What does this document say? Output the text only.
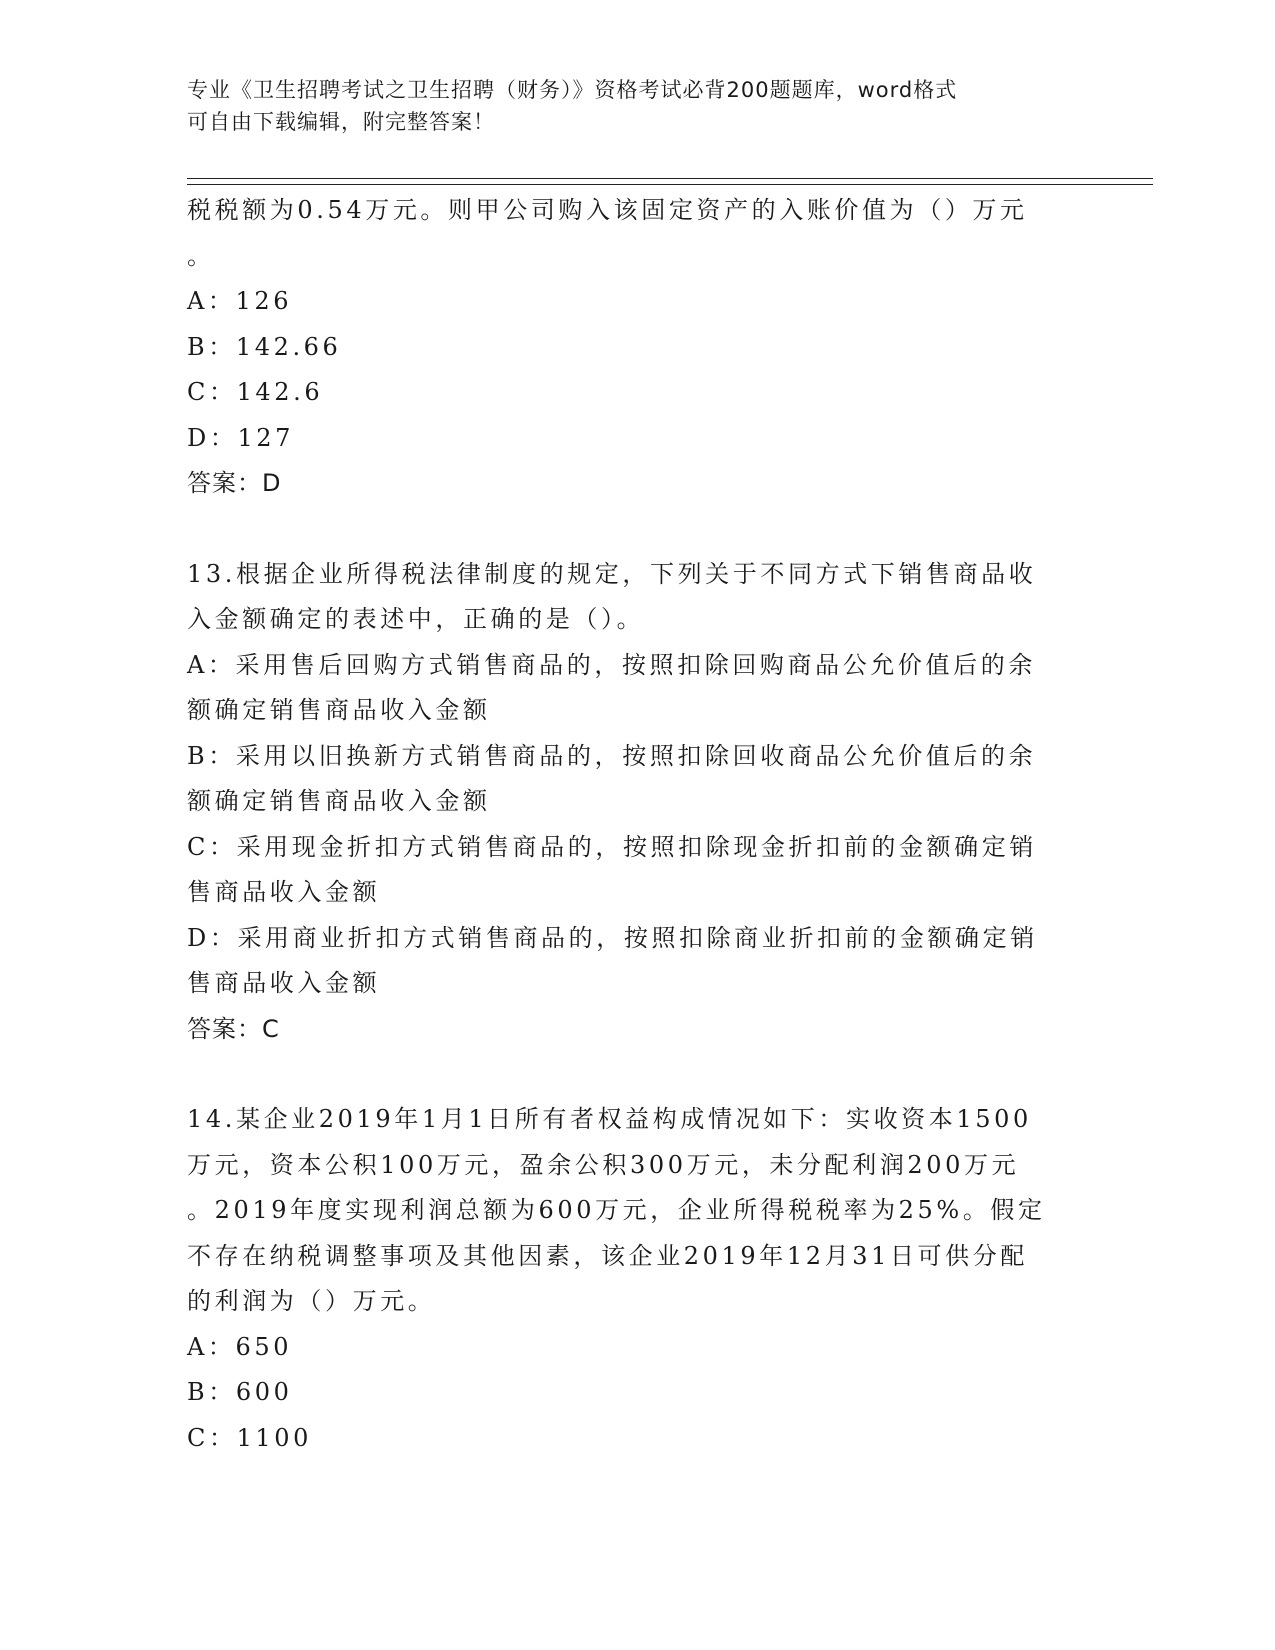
专业《卫生招聘考试之卫生招聘（财务）》资格考试必背200题题库，word格式
可自由下载编辑，附完整答案！

税税额为0.54万元。则甲公司购入该固定资产的入账价值为（）万元

。

A：126

B：142.66

C：142.6

D：127

答案：D

13.根据企业所得税法律制度的规定，下列关于不同方式下销售商品收

入金额确定的表述中，正确的是（）。

A：采用售后回购方式销售商品的，按照扣除回购商品公允价值后的余

额确定销售商品收入金额

B：采用以旧换新方式销售商品的，按照扣除回收商品公允价值后的余

额确定销售商品收入金额

C：采用现金折扣方式销售商品的，按照扣除现金折扣前的金额确定销

售商品收入金额

D：采用商业折扣方式销售商品的，按照扣除商业折扣前的金额确定销

售商品收入金额

答案：C

14.某企业2019年1月1日所有者权益构成情况如下：实收资本1500

万元，资本公积100万元，盈余公积300万元，未分配利润200万元

。2019年度实现利润总额为600万元，企业所得税税率为25%。假定

不存在纳税调整事项及其他因素，该企业2019年12月31日可供分配

的利润为（）万元。

A：650

B：600

C：1100
